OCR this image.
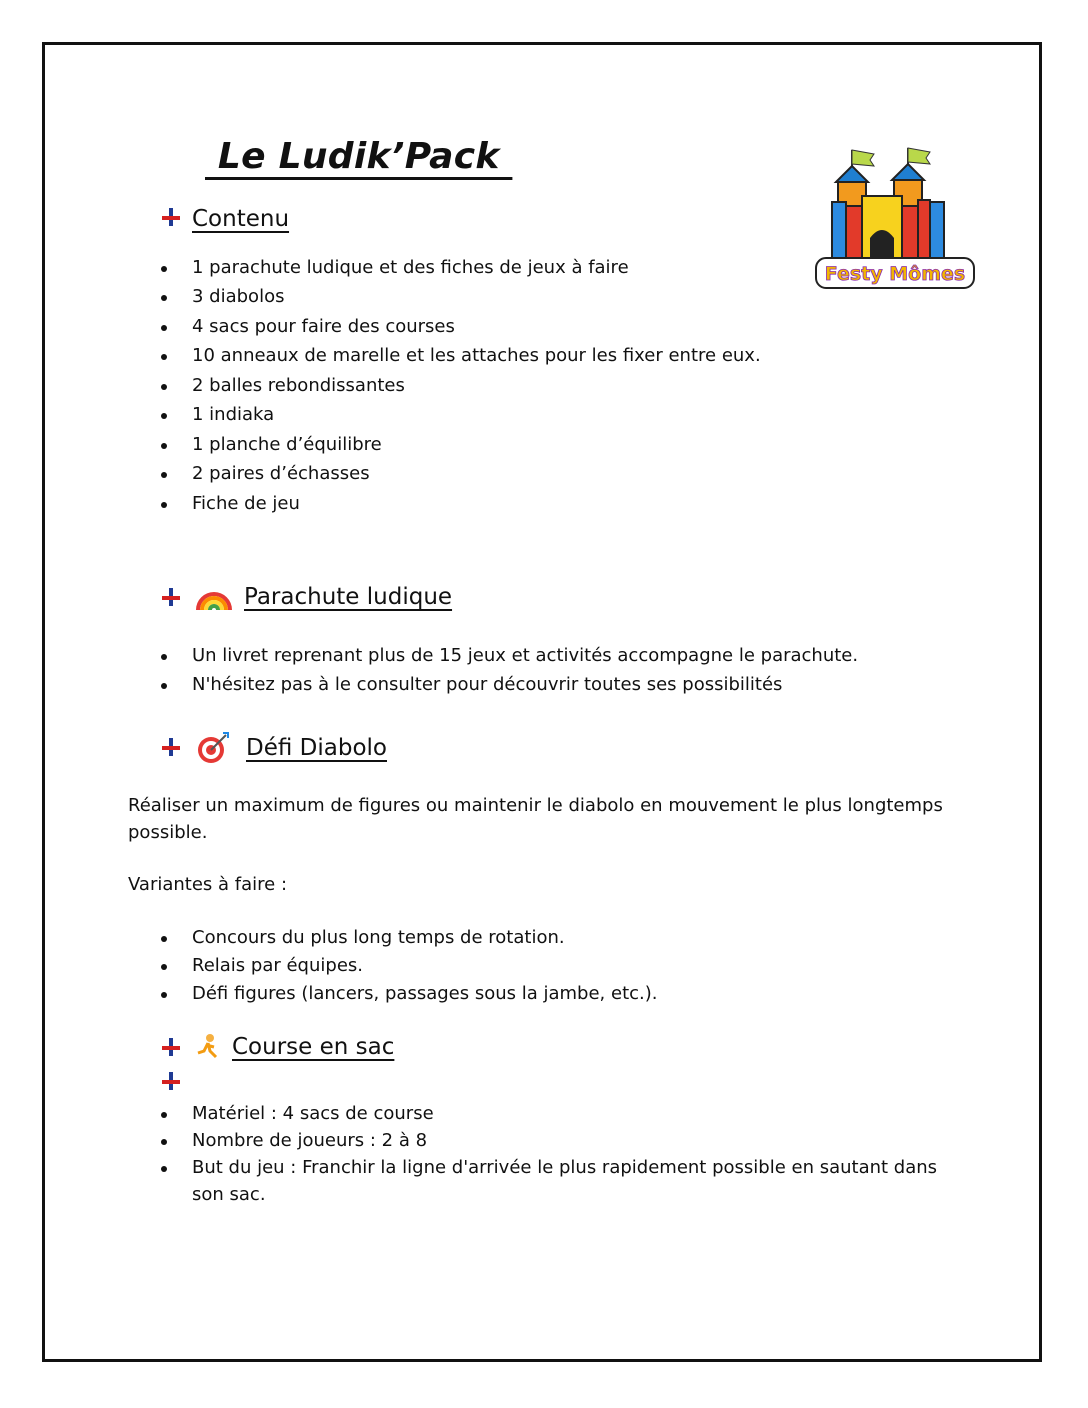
Le Ludik’Pack
Festy Mômes
Contenu
1 parachute ludique et des fiches de jeux à faire
3 diabolos
4 sacs pour faire des courses
10 anneaux de marelle et les attaches pour les fixer entre eux.
2 balles rebondissantes
1 indiaka
1 planche d’équilibre
2 paires d’échasses
Fiche de jeu
Parachute ludique
Un livret reprenant plus de 15 jeux et activités accompagne le parachute.
N'hésitez pas à le consulter pour découvrir toutes ses possibilités
Défi Diabolo
Réaliser un maximum de figures ou maintenir le diabolo en mouvement le plus longtemps
possible.
Variantes à faire :
Concours du plus long temps de rotation.
Relais par équipes.
Défi figures (lancers, passages sous la jambe, etc.).
Course en sac
Matériel : 4 sacs de course
Nombre de joueurs : 2 à 8
But du jeu : Franchir la ligne d'arrivée le plus rapidement possible en sautant dans
son sac.
